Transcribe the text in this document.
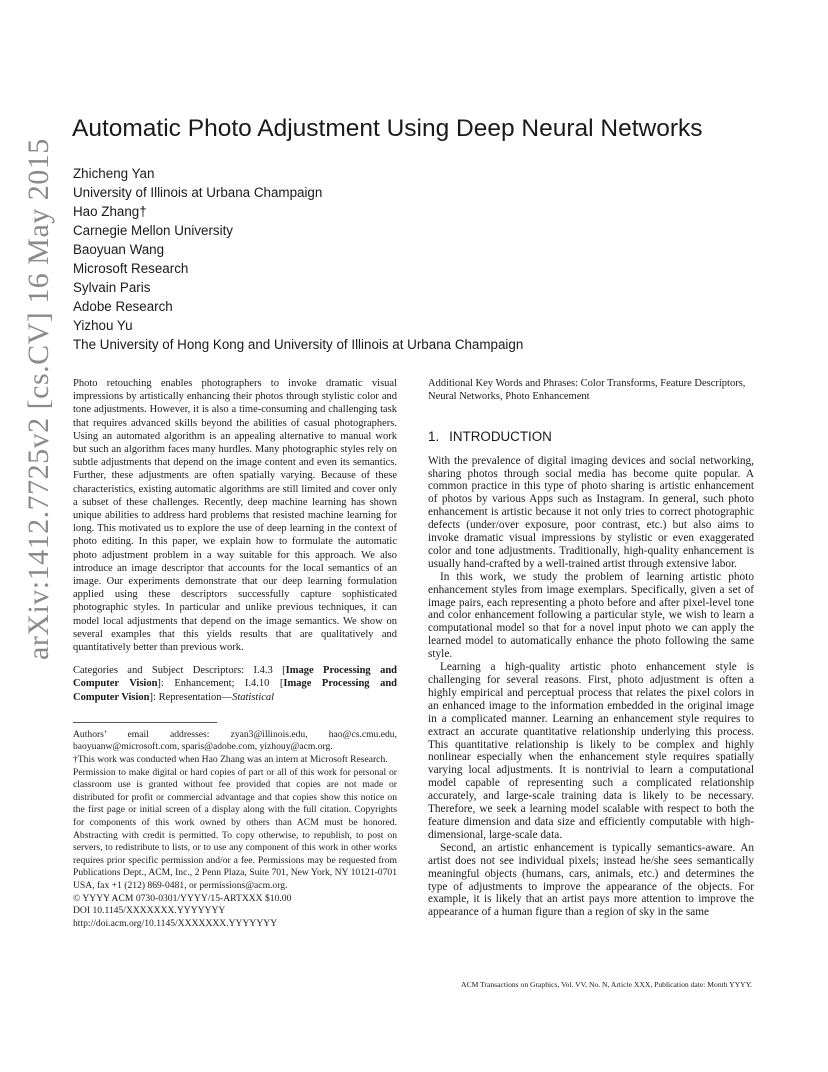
arXiv:1412.7725v2 [cs.CV] 16 May 2015
Automatic Photo Adjustment Using Deep Neural Networks
Zhicheng Yan
University of Illinois at Urbana Champaign
Hao Zhang†
Carnegie Mellon University
Baoyuan Wang
Microsoft Research
Sylvain Paris
Adobe Research
Yizhou Yu
The University of Hong Kong and University of Illinois at Urbana Champaign

Photo retouching enables photographers to invoke dramatic visual impressions by artistically enhancing their photos through stylistic color and tone adjustments. However, it is also a time-consuming and challenging task that requires advanced skills beyond the abilities of casual photographers. Using an automated algorithm is an appealing alternative to manual work but such an algorithm faces many hurdles. Many photographic styles rely on subtle adjustments that depend on the image content and even its semantics. Further, these adjustments are often spatially varying. Because of these characteristics, existing automatic algorithms are still limited and cover only a subset of these challenges. Recently, deep machine learning has shown unique abilities to address hard problems that resisted machine learning for long. This motivated us to explore the use of deep learning in the context of photo editing. In this paper, we explain how to formulate the automatic photo adjustment problem in a way suitable for this approach. We also introduce an image descriptor that accounts for the local semantics of an image. Our experiments demonstrate that our deep learning formulation applied using these descriptors successfully capture sophisticated photographic styles. In particular and unlike previous techniques, it can model local adjustments that depend on the image semantics. We show on several examples that this yields results that are qualitatively and quantitatively better than previous work.

Categories and Subject Descriptors: I.4.3 [Image Processing and Computer Vision]: Enhancement; I.4.10 [Image Processing and Computer Vision]: Representation—Statistical

Authors’ email addresses: zyan3@illinois.edu, hao@cs.cmu.edu, baoyuanw@microsoft.com, sparis@adobe.com, yizhouy@acm.org.

†This work was conducted when Hao Zhang was an intern at Microsoft Research.

Permission to make digital or hard copies of part or all of this work for personal or classroom use is granted without fee provided that copies are not made or distributed for profit or commercial advantage and that copies show this notice on the first page or initial screen of a display along with the full citation. Copyrights for components of this work owned by others than ACM must be honored. Abstracting with credit is permitted. To copy otherwise, to republish, to post on servers, to redistribute to lists, or to use any component of this work in other works requires prior specific permission and/or a fee. Permissions may be requested from Publications Dept., ACM, Inc., 2 Penn Plaza, Suite 701, New York, NY 10121-0701 USA, fax +1 (212) 869-0481, or permissions@acm.org.

© YYYY ACM 0730-0301/YYYY/15-ARTXXX $10.00
DOI 10.1145/XXXXXXX.YYYYYYY
http://doi.acm.org/10.1145/XXXXXXX.YYYYYYY

Additional Key Words and Phrases: Color Transforms, Feature Descriptors, Neural Networks, Photo Enhancement

1. INTRODUCTION

With the prevalence of digital imaging devices and social networking, sharing photos through social media has become quite popular. A common practice in this type of photo sharing is artistic enhancement of photos by various Apps such as Instagram. In general, such photo enhancement is artistic because it not only tries to correct photographic defects (under/over exposure, poor contrast, etc.) but also aims to invoke dramatic visual impressions by stylistic or even exaggerated color and tone adjustments. Traditionally, high-quality enhancement is usually hand-crafted by a well-trained artist through extensive labor.

In this work, we study the problem of learning artistic photo enhancement styles from image exemplars. Specifically, given a set of image pairs, each representing a photo before and after pixel-level tone and color enhancement following a particular style, we wish to learn a computational model so that for a novel input photo we can apply the learned model to automatically enhance the photo following the same style.

Learning a high-quality artistic photo enhancement style is challenging for several reasons. First, photo adjustment is often a highly empirical and perceptual process that relates the pixel colors in an enhanced image to the information embedded in the original image in a complicated manner. Learning an enhancement style requires to extract an accurate quantitative relationship underlying this process. This quantitative relationship is likely to be complex and highly nonlinear especially when the enhancement style requires spatially varying local adjustments. It is nontrivial to learn a computational model capable of representing such a complicated relationship accurately, and large-scale training data is likely to be necessary. Therefore, we seek a learning model scalable with respect to both the feature dimension and data size and efficiently computable with high-dimensional, large-scale data.

Second, an artistic enhancement is typically semantics-aware. An artist does not see individual pixels; instead he/she sees semantically meaningful objects (humans, cars, animals, etc.) and determines the type of adjustments to improve the appearance of the objects. For example, it is likely that an artist pays more attention to improve the appearance of a human figure than a region of sky in the same

ACM Transactions on Graphics, Vol. VV, No. N, Article XXX, Publication date: Month YYYY.
